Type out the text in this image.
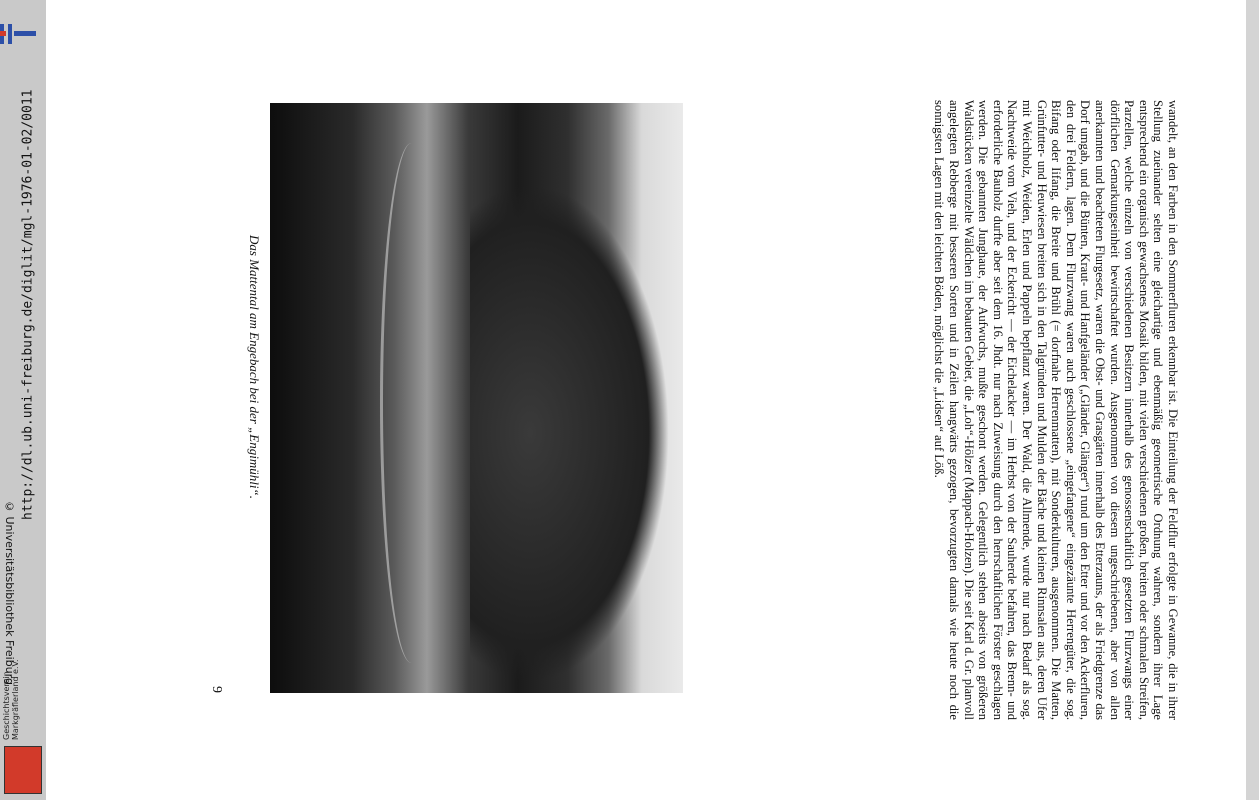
http://dl.ub.uni-freiburg.de/diglit/mgl-1976-01-02/0011
© Universitätsbibliothek Freiburg
Geschichtsverein Markgräflerland e.V.
Das Mattental am Engebach bei der „Engimühli“.
9	wandelt, an den Farben in den Sommerfluren erkennbar ist. Die Einteilung der Feldflur erfolgte in Gewanne, die in ihrer Stellung zueinander selten eine gleichartige und ebenmäßig geometrische Ordnung wahren, sondern ihrer Lage entsprechend ein organisch gewachsenes Mosaik bilden, mit vielen verschiedenen großen, breiten oder schmalen Streifen, Parzellen, welche einzeln von verschiedenen Besitzern innerhalb des genossenschaftlich gesetzten Flurzwangs einer dörflichen Gemarkungseinheit bewirtschaftet wurden. Ausgenommen von diesem ungeschriebenen, aber von allen anerkannten und beachteten Flurgesetz, waren die Obst- und Grasgärten innerhalb des Etterzauns, der als Friedgrenze das Dorf umgab, und die Bünten, Kraut- und Hanfgeländer („Gländer, Glänger“) rund um den Etter und vor den Ackerfluren, den drei Feldern, lagen. Dem Flurzwang waren auch geschlossene „eingefangene“ eingezäunte Herrengüter, die sog. Bifang oder Iifang, die Breite und Brühl (= dorfnahe Herrenmatten), mit Sonderkulturen, ausgenommen. Die Matten, Grünfutter- und Heuwiesen breiten sich in den Talgründen und Mulden der Bäche und kleinen Rinnsalen aus, deren Ufer mit Weichholz, Weiden, Erlen und Pappeln bepflanzt waren. Der Wald, die Allmende, wurde nur nach Bedarf als sog. Nachtweide vom Vieh, und der Eckericht — der Eichelacker — im Herbst von der Sauherde befahren, das Brenn- und erforderliche Bauholz durfte aber seit dem 16. Jhdt. nur nach Zuweisung durch den herrschaftlichen Förster geschlagen werden. Die gebannten Junghaue, der Aufwuchs, mußte geschont werden. Gelegentlich stehen abseits von größeren Waldstücken vereinzelte Wäldchen im bebauten Gebiet, die „Loh“-Hölzer (Mappach-Holzen). Die seit Karl d. Gr. planvoll angelegten Rebberge mit besseren Sorten und in Zeilen hangwärts gezogen, bevorzugten damals wie heute noch die sonnigsten Lagen mit den leichten Böden, möglichst die „Lidsen“ auf Löß.
